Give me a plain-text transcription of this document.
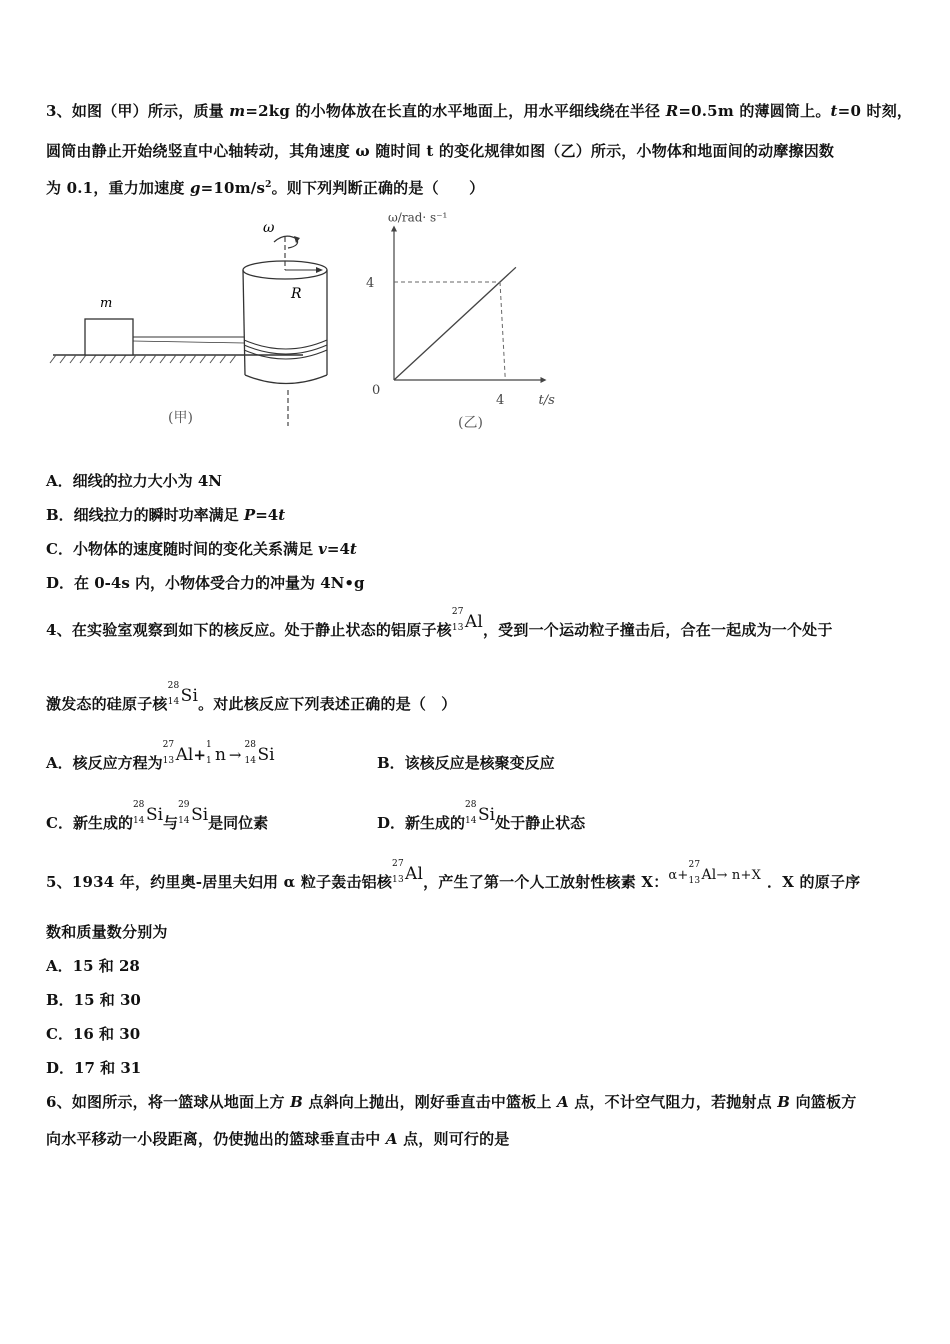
3、如图（甲）所示，质量 m=2kg 的小物体放在长直的水平地面上，用水平细线绕在半径 R=0.5m 的薄圆筒上。t=0 时刻，
圆筒由静止开始绕竖直中心轴转动，其角速度 ω 随时间 t 的变化规律如图（乙）所示，小物体和地面间的动摩擦因数
为 0.1，重力加速度 $g=10m/s^2$。则下列判断正确的是（　　）
m
ω
R
(甲)
ω/rad· s⁻¹
t/s
0
4
4
(乙)
A．细线的拉力大小为 4N
B．细线拉力的瞬时功率满足 P=4t
C．小物体的速度随时间的变化关系满足 v=4t
D．在 0-4s 内，小物体受合力的冲量为 4N•g
4、在实验室观察到如下的核反应。处于静止状态的铝原子核
27
13 Al，受到一个运动粒子撞击后，合在一起成为一个处于
激发态的硅原子核
28
14 Si。对此核反应下列表述正确的是（　）
A．核反应方程为
27
13 Al+
1
1 n →
28
14 Si	B．该核反应是核聚变反应
C．新生成的
28
14 Si与
29
14 Si是同位素	D．新生成的
28
14 Si处于静止状态
5、1934 年，约里奥-居里夫妇用 α 粒子轰击铝核
27
13 Al，产生了第一个人工放射性核素 X：α+
27
13 Al→ n+X ．X 的原子序
数和质量数分别为
A．15 和 28
B．15 和 30
C．16 和 30
D．17 和 31
6、如图所示，将一篮球从地面上方 B 点斜向上抛出，刚好垂直击中篮板上 A 点，不计空气阻力，若抛射点 B 向篮板方
向水平移动一小段距离，仍使抛出的篮球垂直击中 A 点，则可行的是
